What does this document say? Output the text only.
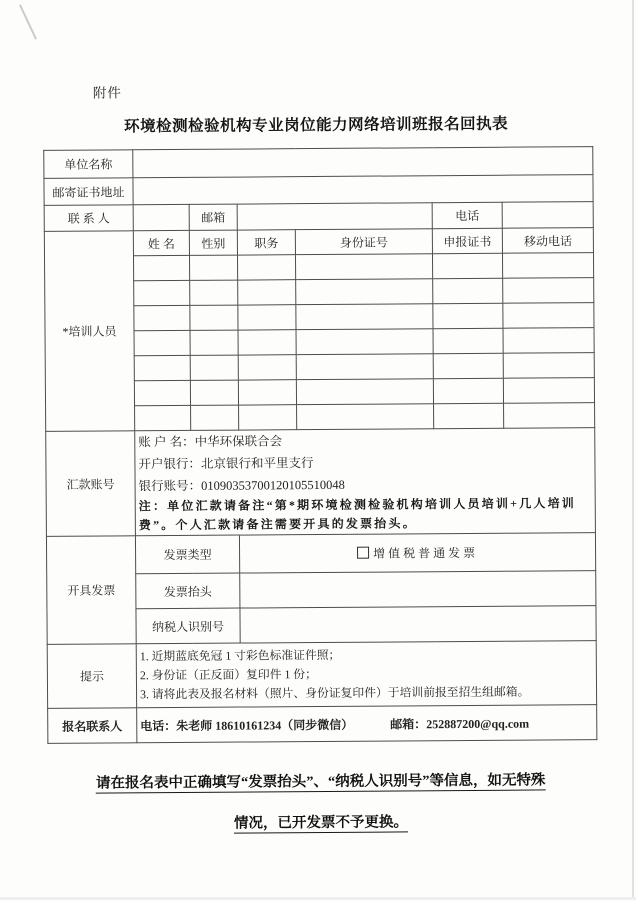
附件
环境检测检验机构专业岗位能力网络培训班报名回执表
单位名称						
邮寄证书地址						
联 系 人		邮箱			电话	
*培训人员	姓 名	性别	职务	身份证号	申报证书	移动电话

汇款账号	账 户 名：中华环保联合会
开户银行：北京银行和平里支行
银行账号：01090353700120105510048
注：单位汇款请备注“第*期环境检测检验机构培训人员培训+几人培训费”。个人汇款请备注需要开具的发票抬头。					

开具发票	发票类型		增值税普通发票			
	发票抬头					
	纳税人识别号					
提示	1. 近期蓝底免冠 1 寸彩色标准证件照；
2. 身份证（正反面）复印件 1 份；
3. 请将此表及报名材料（照片、身份证复印件）于培训前报至招生组邮箱。					

报名联系人	电话：朱老师 18610161234（同步微信） 邮箱：252887200@qq.com					
请在报名表中正确填写“发票抬头”、“纳税人识别号”等信息，如无特殊
情况，已开发票不予更换。
